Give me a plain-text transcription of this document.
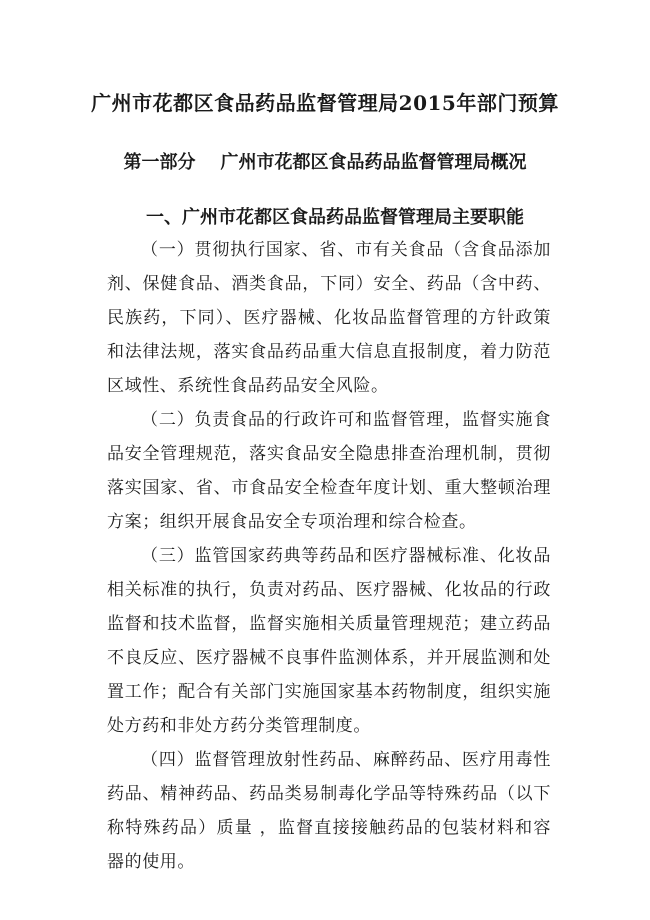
广州市花都区食品药品监督管理局2015年部门预算
第一部分    广州市花都区食品药品监督管理局概况
一、广州市花都区食品药品监督管理局主要职能

（一）贯彻执行国家、省、市有关食品（含食品添加剂、保健食品、酒类食品，下同）安全、药品（含中药、民族药，下同）、医疗器械、化妆品监督管理的方针政策和法律法规，落实食品药品重大信息直报制度，着力防范区域性、系统性食品药品安全风险。

（二）负责食品的行政许可和监督管理，监督实施食品安全管理规范，落实食品安全隐患排查治理机制，贯彻落实国家、省、市食品安全检查年度计划、重大整顿治理方案；组织开展食品安全专项治理和综合检查。

（三）监管国家药典等药品和医疗器械标准、化妆品相关标准的执行，负责对药品、医疗器械、化妆品的行政监督和技术监督，监督实施相关质量管理规范；建立药品不良反应、医疗器械不良事件监测体系，并开展监测和处置工作；配合有关部门实施国家基本药物制度，组织实施处方药和非处方药分类管理制度。

（四）监督管理放射性药品、麻醉药品、医疗用毒性药品、精神药品、药品类易制毒化学品等特殊药品（以下称特殊药品）质量 ，监督直接接触药品的包装材料和容器的使用。
